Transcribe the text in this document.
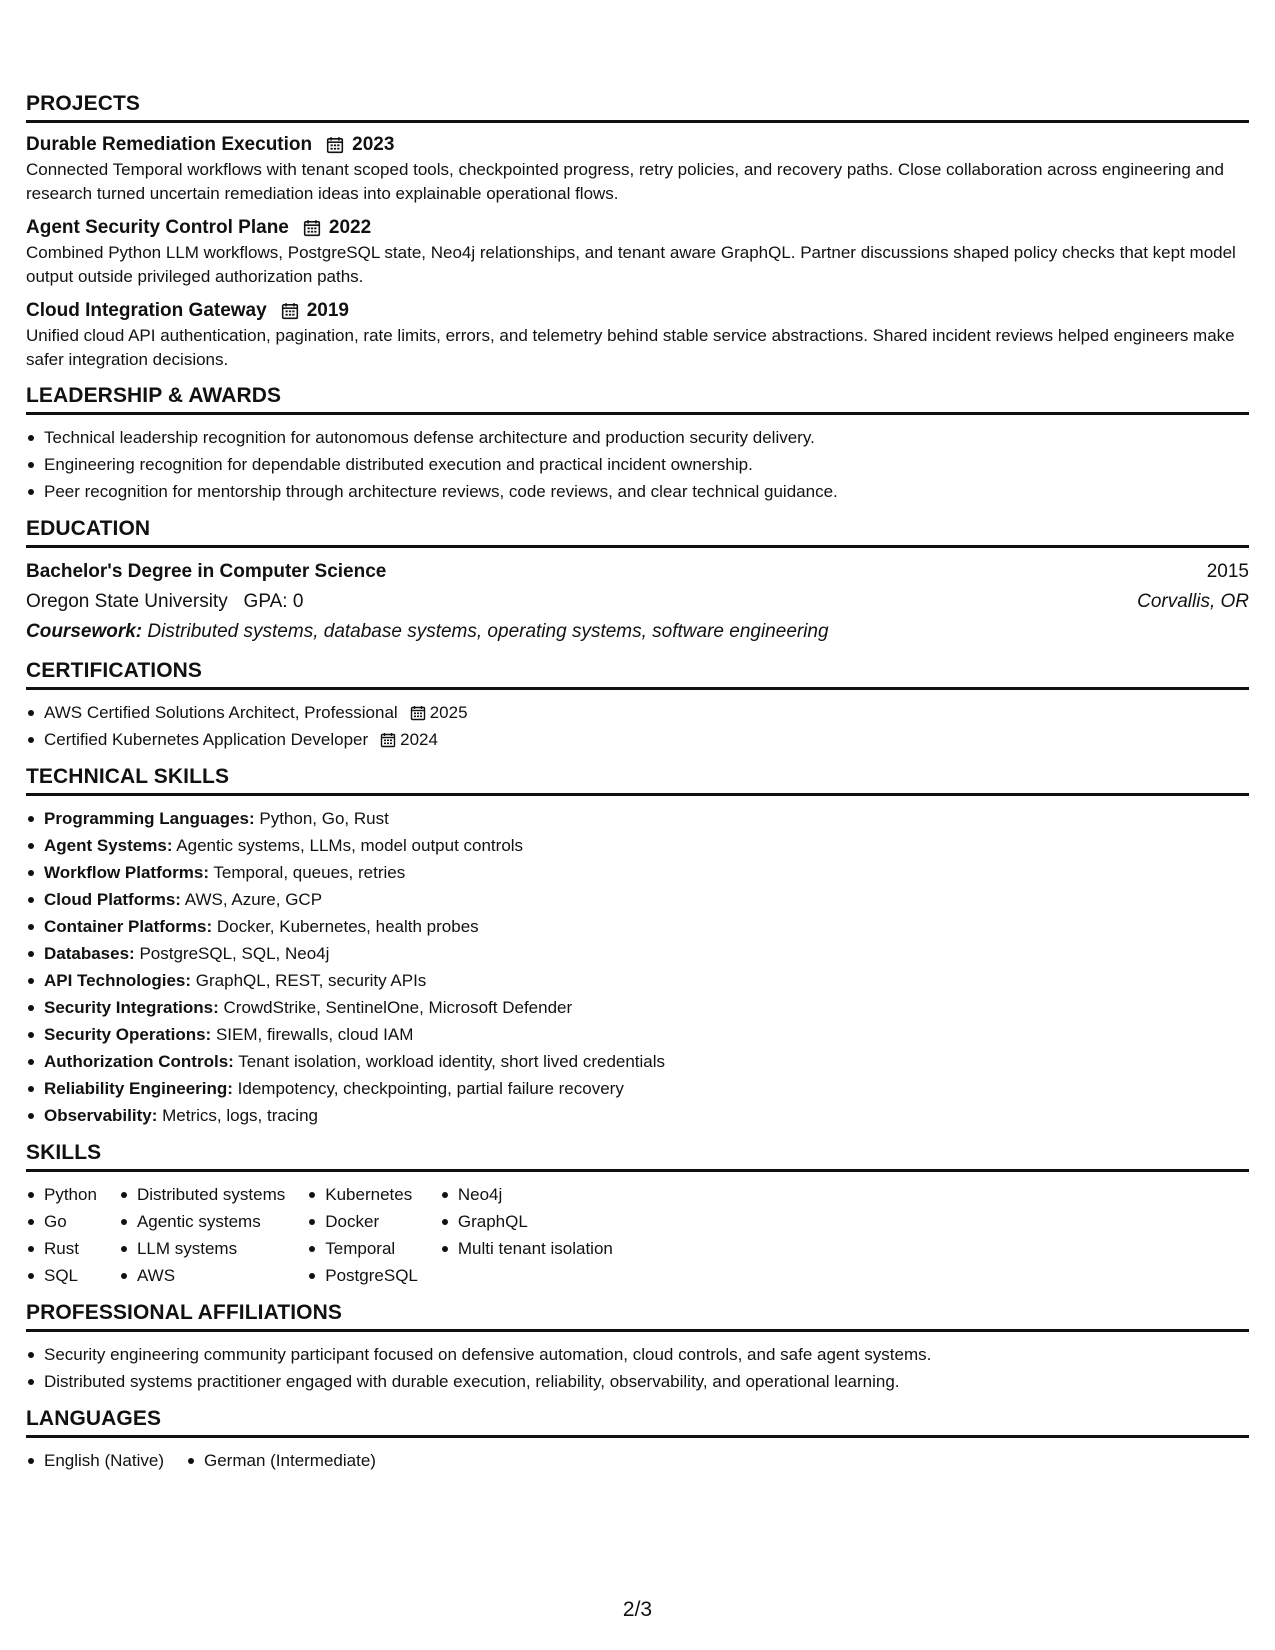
PROJECTS
Durable Remediation Execution 2023
Connected Temporal workflows with tenant scoped tools, checkpointed progress, retry policies, and recovery paths. Close collaboration across engineering and research turned uncertain remediation ideas into explainable operational flows.
Agent Security Control Plane 2022
Combined Python LLM workflows, PostgreSQL state, Neo4j relationships, and tenant aware GraphQL. Partner discussions shaped policy checks that kept model output outside privileged authorization paths.
Cloud Integration Gateway 2019
Unified cloud API authentication, pagination, rate limits, errors, and telemetry behind stable service abstractions. Shared incident reviews helped engineers make safer integration decisions.
LEADERSHIP & AWARDS
Technical leadership recognition for autonomous defense architecture and production security delivery.
Engineering recognition for dependable distributed execution and practical incident ownership.
Peer recognition for mentorship through architecture reviews, code reviews, and clear technical guidance.
EDUCATION
Bachelor's Degree in Computer Science	2015
Oregon State University GPA: 0	Corvallis, OR
Coursework: Distributed systems, database systems, operating systems, software engineering
CERTIFICATIONS
AWS Certified Solutions Architect, Professional 2025
Certified Kubernetes Application Developer 2024
TECHNICAL SKILLS
Programming Languages: Python, Go, Rust
Agent Systems: Agentic systems, LLMs, model output controls
Workflow Platforms: Temporal, queues, retries
Cloud Platforms: AWS, Azure, GCP
Container Platforms: Docker, Kubernetes, health probes
Databases: PostgreSQL, SQL, Neo4j
API Technologies: GraphQL, REST, security APIs
Security Integrations: CrowdStrike, SentinelOne, Microsoft Defender
Security Operations: SIEM, firewalls, cloud IAM
Authorization Controls: Tenant isolation, workload identity, short lived credentials
Reliability Engineering: Idempotency, checkpointing, partial failure recovery
Observability: Metrics, logs, tracing
SKILLS
Python
Go
Rust
SQL
Distributed systems
Agentic systems
LLM systems
AWS
Kubernetes
Docker
Temporal
PostgreSQL
Neo4j
GraphQL
Multi tenant isolation
PROFESSIONAL AFFILIATIONS
Security engineering community participant focused on defensive automation, cloud controls, and safe agent systems.
Distributed systems practitioner engaged with durable execution, reliability, observability, and operational learning.
LANGUAGES
English (Native)	German (Intermediate)
2/3
